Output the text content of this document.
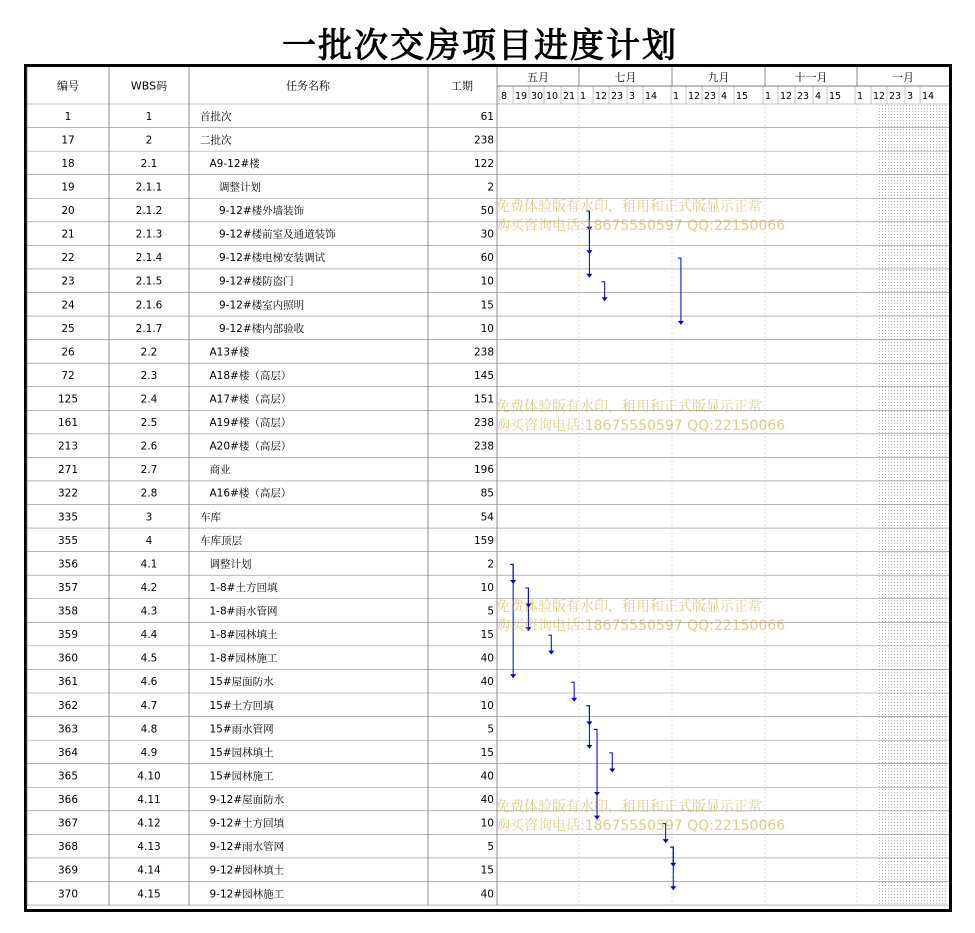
一批次交房项目进度计划
编号	WBS码	任务名称	工期
五月	七月	九月	十一月	一月
8 19 30 10 21 1 12 23 3 14 1 12 23 4 15 1 12 23 4 15 1 12 23 3 14
1	1	首批次	61
17	2	二批次	238
18	2.1	A9-12#楼	122
19	2.1.1	调整计划	2
20	2.1.2	9-12#楼外墙装饰	50
21	2.1.3	9-12#楼前室及通道装饰	30
22	2.1.4	9-12#楼电梯安装调试	60
23	2.1.5	9-12#楼防盗门	10
24	2.1.6	9-12#楼室内照明	15
25	2.1.7	9-12#楼内部验收	10
26	2.2	A13#楼	238
72	2.3	A18#楼（高层）	145
125	2.4	A17#楼（高层）	151
161	2.5	A19#楼（高层）	238
213	2.6	A20#楼（高层）	238
271	2.7	商业	196
322	2.8	A16#楼（高层）	85
335	3	车库	54
355	4	车库顶层	159
356	4.1	调整计划	2
357	4.2	1-8#土方回填	10
358	4.3	1-8#雨水管网	5
359	4.4	1-8#园林填土	15
360	4.5	1-8#园林施工	40
361	4.6	15#屋面防水	40
362	4.7	15#土方回填	10
363	4.8	15#雨水管网	5
364	4.9	15#园林填土	15
365	4.10	15#园林施工	40
366	4.11	9-12#屋面防水	40
367	4.12	9-12#土方回填	10
368	4.13	9-12#雨水管网	5
369	4.14	9-12#园林填土	15
370	4.15	9-12#园林施工	40
免费体验版有水印，租用和正式版显示正常
购买咨询电话:18675550597 QQ:22150066
免费体验版有水印，租用和正式版显示正常
购买咨询电话:18675550597 QQ:22150066
免费体验版有水印，租用和正式版显示正常
购买咨询电话:18675550597 QQ:22150066
免费体验版有水印，租用和正式版显示正常
购买咨询电话:18675550597 QQ:22150066
